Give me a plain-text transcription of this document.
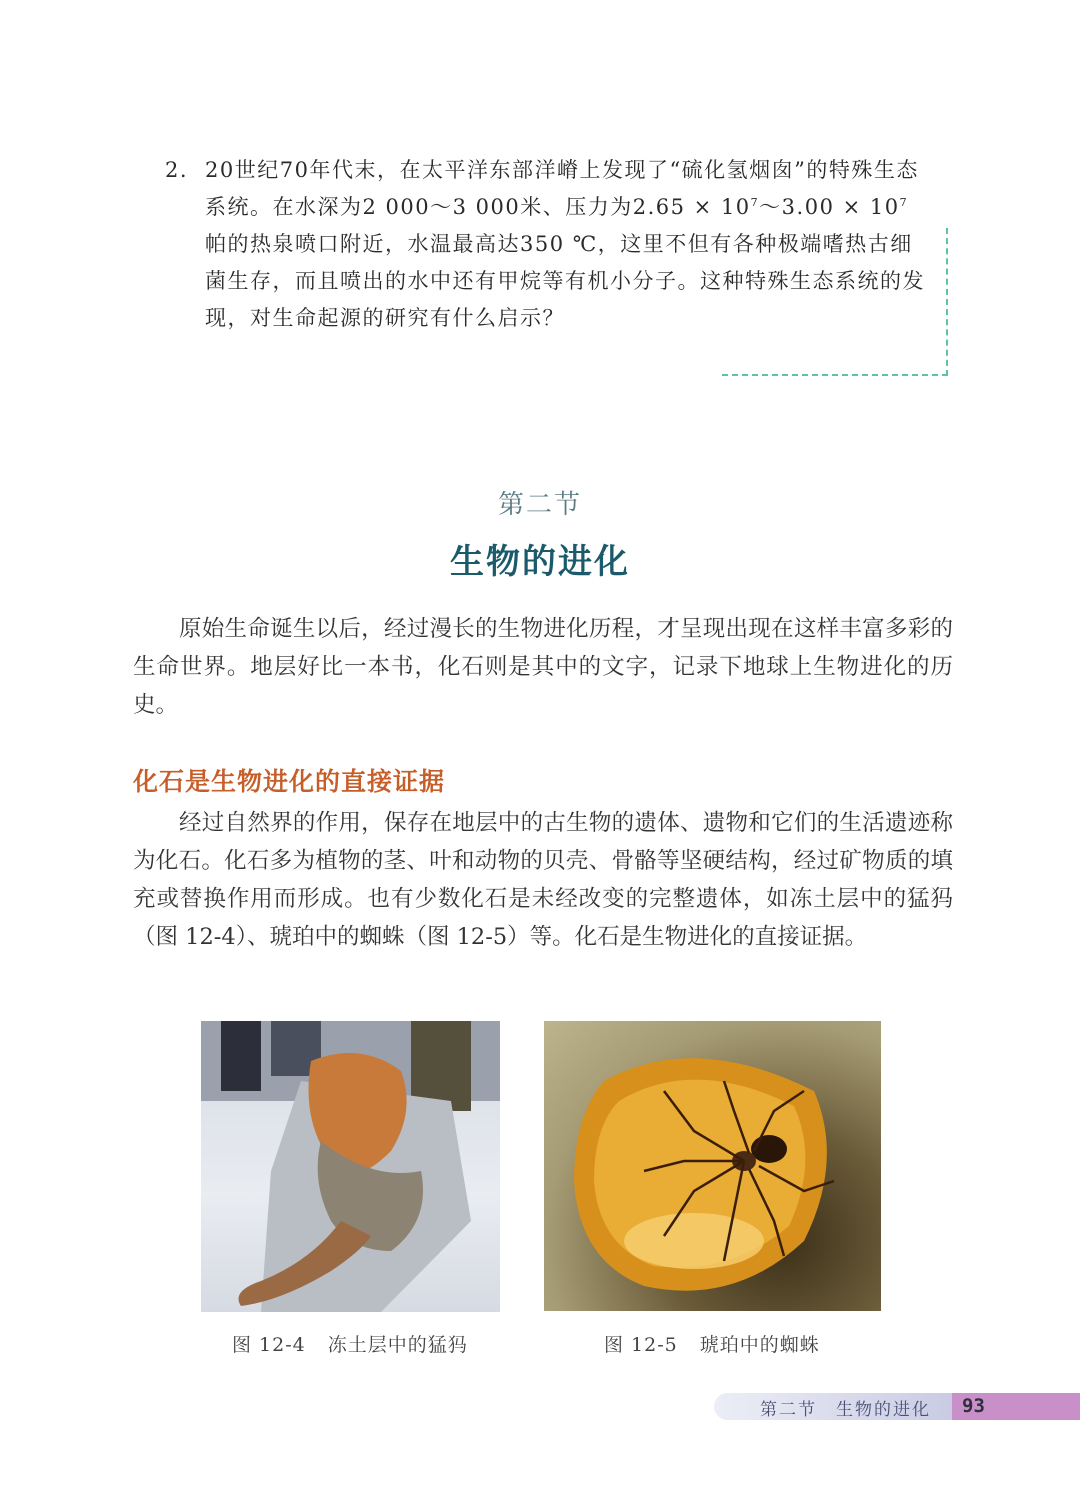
2. 20世纪70年代末，在太平洋东部洋嵴上发现了“硫化氢烟囱”的特殊生态系统。在水深为2 000～3 000米、压力为$2.65 \times 10^7\sim 3.00 \times 10^7$帕的热泉喷口附近，水温最高达350 ℃，这里不但有各种极端嗜热古细菌生存，而且喷出的水中还有甲烷等有机小分子。这种特殊生态系统的发现，对生命起源的研究有什么启示？
第二节
生物的进化

原始生命诞生以后，经过漫长的生物进化历程，才呈现出现在这样丰富多彩的生命世界。地层好比一本书，化石则是其中的文字，记录下地球上生物进化的历史。

化石是生物进化的直接证据

经过自然界的作用，保存在地层中的古生物的遗体、遗物和它们的生活遗迹称为化石。化石多为植物的茎、叶和动物的贝壳、骨骼等坚硬结构，经过矿物质的填充或替换作用而形成。也有少数化石是未经改变的完整遗体，如冻土层中的猛犸（图 12-4）、琥珀中的蜘蛛（图 12-5）等。化石是生物进化的直接证据。

图 12-4 冻土层中的猛犸	图 12-5 琥珀中的蜘蛛
第二节　生物的进化 93
